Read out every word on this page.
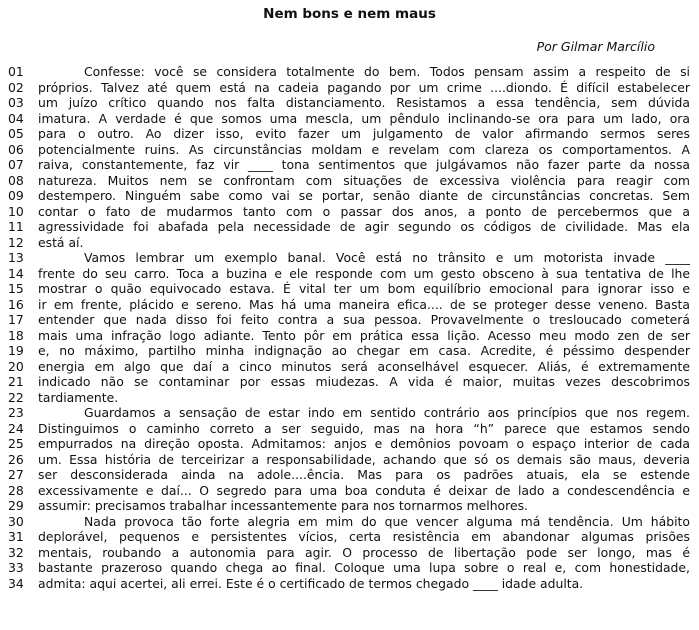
Nem bons e nem maus
Por Gilmar Marcílio
01	Confesse: você se considera totalmente do bem. Todos pensam assim a respeito de si
02	próprios. Talvez até quem está na cadeia pagando por um crime ....diondo. É difícil estabelecer
03	um juízo crítico quando nos falta distanciamento. Resistamos a essa tendência, sem dúvida
04	imatura. A verdade é que somos uma mescla, um pêndulo inclinando-se ora para um lado, ora
05	para o outro. Ao dizer isso, evito fazer um julgamento de valor afirmando sermos seres
06	potencialmente ruins. As circunstâncias moldam e revelam com clareza os comportamentos. A
07	raiva, constantemente, faz vir ____ tona sentimentos que julgávamos não fazer parte da nossa
08	natureza. Muitos nem se confrontam com situações de excessiva violência para reagir com
09	destempero. Ninguém sabe como vai se portar, senão diante de circunstâncias concretas. Sem
10	contar o fato de mudarmos tanto com o passar dos anos, a ponto de percebermos que a
11	agressividade foi abafada pela necessidade de agir segundo os códigos de civilidade. Mas ela
12	está aí.
13	Vamos lembrar um exemplo banal. Você está no trânsito e um motorista invade ____
14	frente do seu carro. Toca a buzina e ele responde com um gesto obsceno à sua tentativa de lhe
15	mostrar o quão equivocado estava. É vital ter um bom equilíbrio emocional para ignorar isso e
16	ir em frente, plácido e sereno. Mas há uma maneira efica.... de se proteger desse veneno. Basta
17	entender que nada disso foi feito contra a sua pessoa. Provavelmente o tresloucado cometerá
18	mais uma infração logo adiante. Tento pôr em prática essa lição. Acesso meu modo zen de ser
19	e, no máximo, partilho minha indignação ao chegar em casa. Acredite, é péssimo despender
20	energia em algo que daí a cinco minutos será aconselhável esquecer. Aliás, é extremamente
21	indicado não se contaminar por essas miudezas. A vida é maior, muitas vezes descobrimos
22	tardiamente.
23	Guardamos a sensação de estar indo em sentido contrário aos princípios que nos regem.
24	Distinguimos o caminho correto a ser seguido, mas na hora “h” parece que estamos sendo
25	empurrados na direção oposta. Admitamos: anjos e demônios povoam o espaço interior de cada
26	um. Essa história de terceirizar a responsabilidade, achando que só os demais são maus, deveria
27	ser desconsiderada ainda na adole....ência. Mas para os padrões atuais, ela se estende
28	excessivamente e daí... O segredo para uma boa conduta é deixar de lado a condescendência e
29	assumir: precisamos trabalhar incessantemente para nos tornarmos melhores.
30	Nada provoca tão forte alegria em mim do que vencer alguma má tendência. Um hábito
31	deplorável, pequenos e persistentes vícios, certa resistência em abandonar algumas prisões
32	mentais, roubando a autonomia para agir. O processo de libertação pode ser longo, mas é
33	bastante prazeroso quando chega ao final. Coloque uma lupa sobre o real e, com honestidade,
34	admita: aqui acertei, ali errei. Este é o certificado de termos chegado ____ idade adulta.
